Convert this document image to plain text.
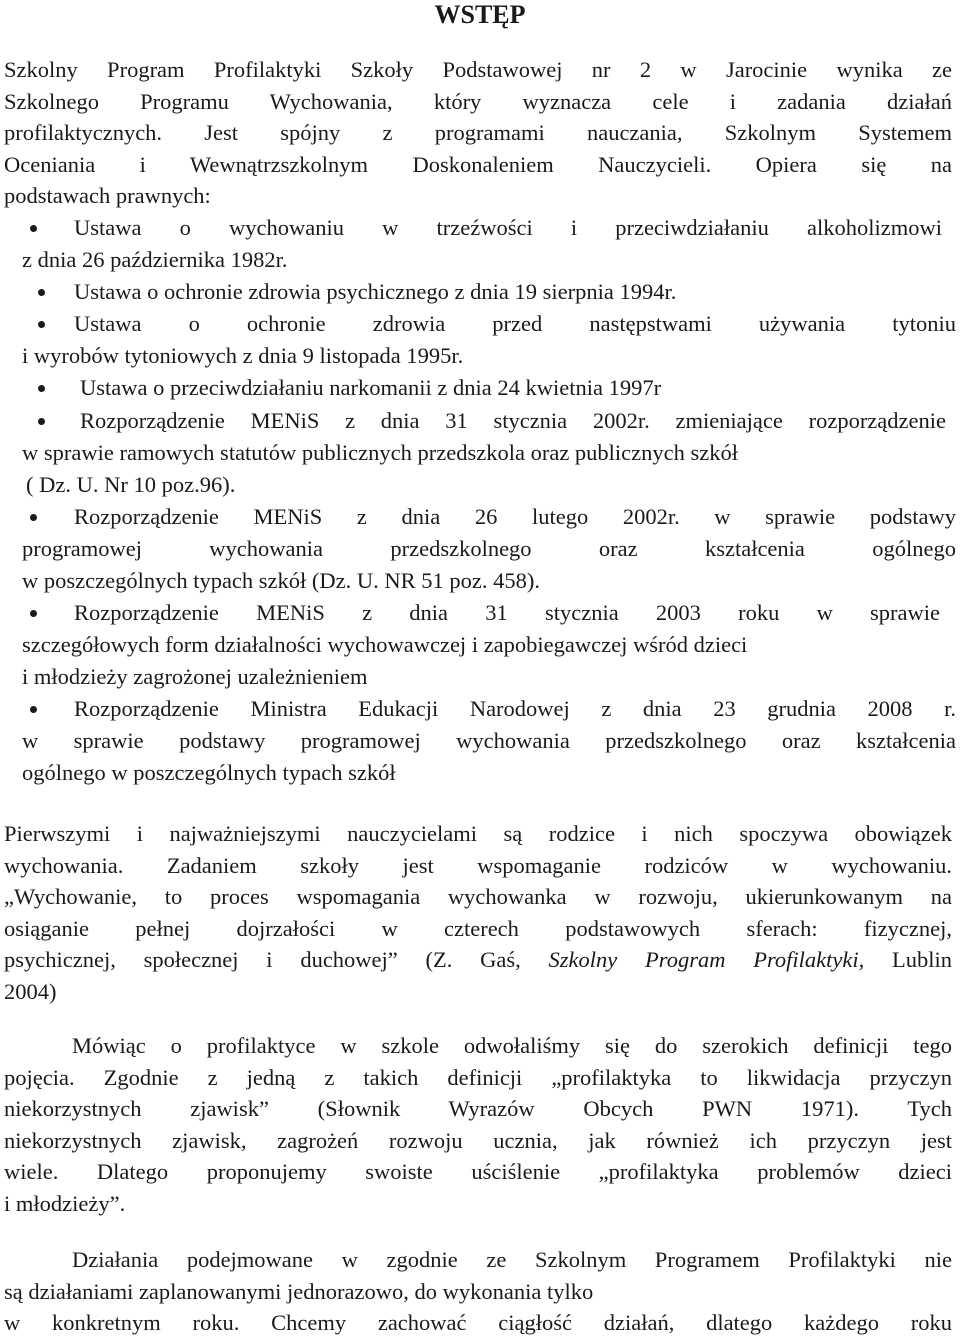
WSTĘP
Szkolny Program Profilaktyki Szkoły Podstawowej nr 2 w Jarocinie wynika ze
Szkolnego Programu Wychowania, który wyznacza cele i zadania działań
profilaktycznych. Jest spójny z programami nauczania, Szkolnym Systemem
Oceniania i Wewnątrzszkolnym Doskonaleniem Nauczycieli. Opiera się na
podstawach prawnych:
Ustawa o wychowaniu w trzeźwości i przeciwdziałaniu alkoholizmowi
z dnia 26 października 1982r.
Ustawa o ochronie zdrowia psychicznego z dnia 19 sierpnia 1994r.
Ustawa o ochronie zdrowia przed następstwami używania tytoniu
i wyrobów tytoniowych z dnia 9 listopada 1995r.
Ustawa o przeciwdziałaniu narkomanii z dnia 24 kwietnia 1997r
Rozporządzenie MENiS z dnia 31 stycznia 2002r. zmieniające rozporządzenie
w sprawie ramowych statutów publicznych przedszkola oraz publicznych szkół
( Dz. U. Nr 10 poz.96).
Rozporządzenie MENiS z dnia 26 lutego 2002r. w sprawie podstawy
programowej wychowania przedszkolnego oraz kształcenia ogólnego
w poszczególnych typach szkół (Dz. U. NR 51 poz. 458).
Rozporządzenie MENiS z dnia 31 stycznia 2003 roku w sprawie
szczegółowych form działalności wychowawczej i zapobiegawczej wśród dzieci
i młodzieży zagrożonej uzależnieniem
Rozporządzenie Ministra Edukacji Narodowej z dnia 23 grudnia 2008 r.
w sprawie podstawy programowej wychowania przedszkolnego oraz kształcenia
ogólnego w poszczególnych typach szkół
Pierwszymi i najważniejszymi nauczycielami są rodzice i nich spoczywa obowiązek
wychowania. Zadaniem szkoły jest wspomaganie rodziców w wychowaniu.
„Wychowanie, to proces wspomagania wychowanka w rozwoju, ukierunkowanym na
osiąganie pełnej dojrzałości w czterech podstawowych sferach: fizycznej,
psychicznej, społecznej i duchowej” (Z. Gaś, Szkolny Program Profilaktyki, Lublin
2004)
Mówiąc o profilaktyce w szkole odwołaliśmy się do szerokich definicji tego
pojęcia. Zgodnie z jedną z takich definicji „profilaktyka to likwidacja przyczyn
niekorzystnych zjawisk” (Słownik Wyrazów Obcych PWN 1971). Tych
niekorzystnych zjawisk, zagrożeń rozwoju ucznia, jak również ich przyczyn jest
wiele. Dlatego proponujemy swoiste uściślenie „profilaktyka problemów dzieci
i młodzieży”.
Działania podejmowane w zgodnie ze Szkolnym Programem Profilaktyki nie
są działaniami zaplanowanymi jednorazowo, do wykonania tylko
w konkretnym roku. Chcemy zachować ciągłość działań, dlatego każdego roku
